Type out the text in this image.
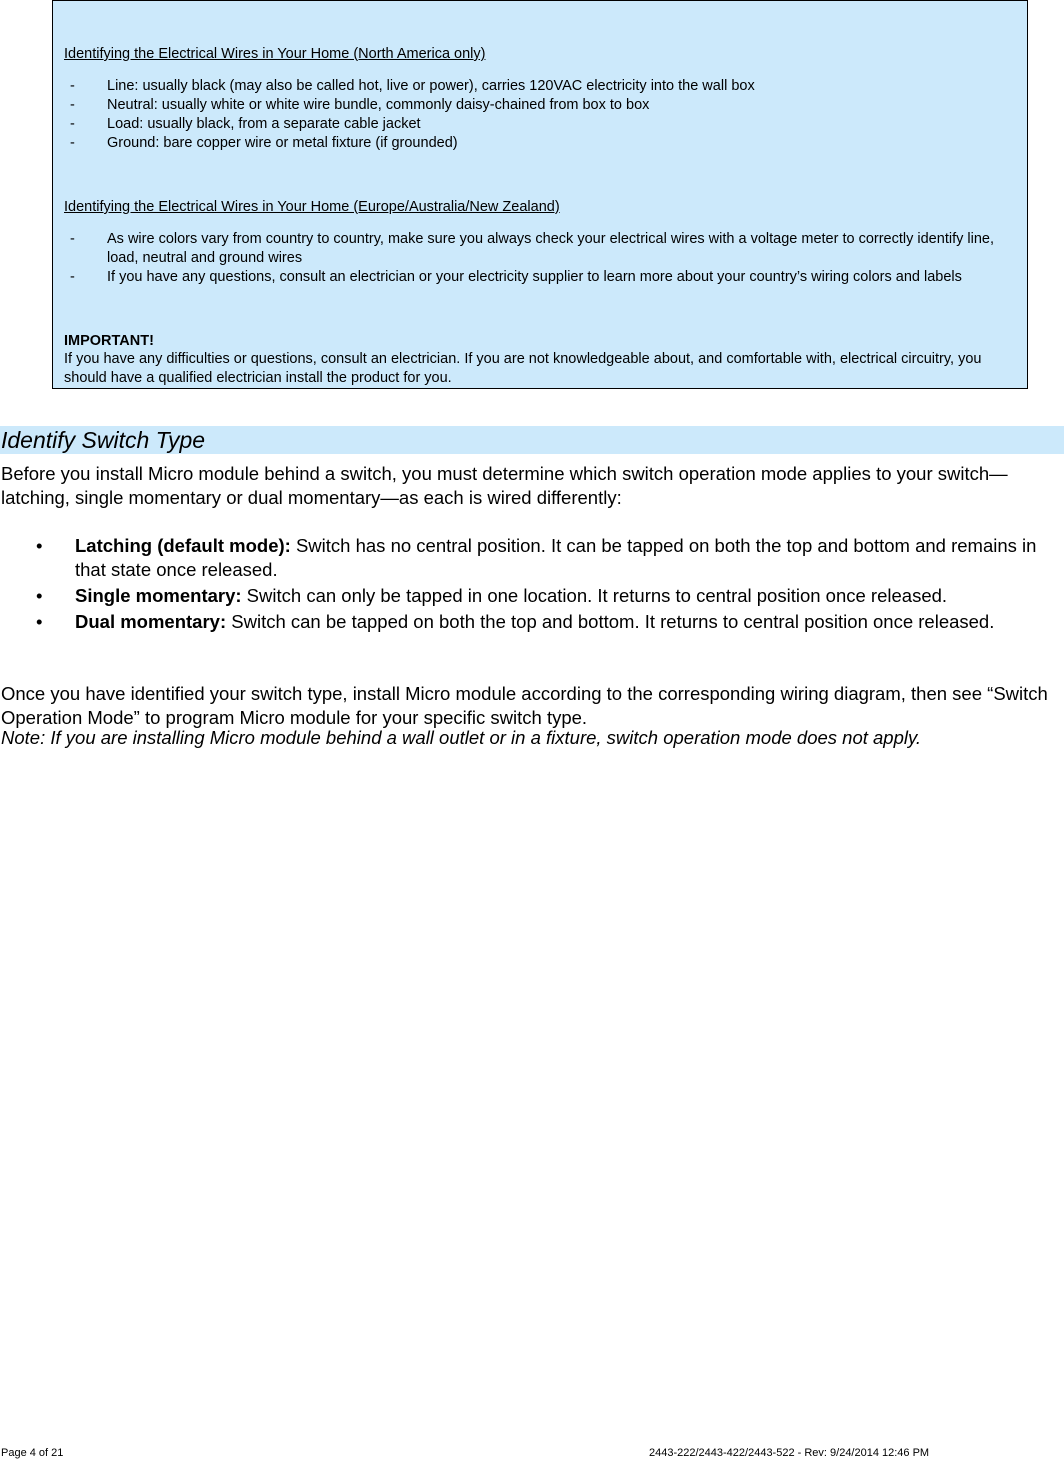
Identifying the Electrical Wires in Your Home (North America only)
- Line: usually black (may also be called hot, live or power), carries 120VAC electricity into the wall box
- Neutral: usually white or white wire bundle, commonly daisy-chained from box to box
- Load: usually black, from a separate cable jacket
- Ground: bare copper wire or metal fixture (if grounded)
Identifying the Electrical Wires in Your Home (Europe/Australia/New Zealand)
- As wire colors vary from country to country, make sure you always check your electrical wires with a voltage meter to correctly identify line, load, neutral and ground wires
- If you have any questions, consult an electrician or your electricity supplier to learn more about your country’s wiring colors and labels
IMPORTANT!
If you have any difficulties or questions, consult an electrician. If you are not knowledgeable about, and comfortable with, electrical circuitry, you should have a qualified electrician install the product for you.
Identify Switch Type

Before you install Micro module behind a switch, you must determine which switch operation mode applies to your switch—latching, single momentary or dual momentary—as each is wired differently:

• Latching (default mode): Switch has no central position. It can be tapped on both the top and bottom and remains in that state once released.
• Single momentary: Switch can only be tapped in one location. It returns to central position once released.
• Dual momentary: Switch can be tapped on both the top and bottom. It returns to central position once released.

Once you have identified your switch type, install Micro module according to the corresponding wiring diagram, then see “Switch Operation Mode” to program Micro module for your specific switch type.

Note: If you are installing Micro module behind a wall outlet or in a fixture, switch operation mode does not apply.

Page 4 of 21	2443-222/2443-422/2443-522 - Rev: 9/24/2014 12:46 PM
